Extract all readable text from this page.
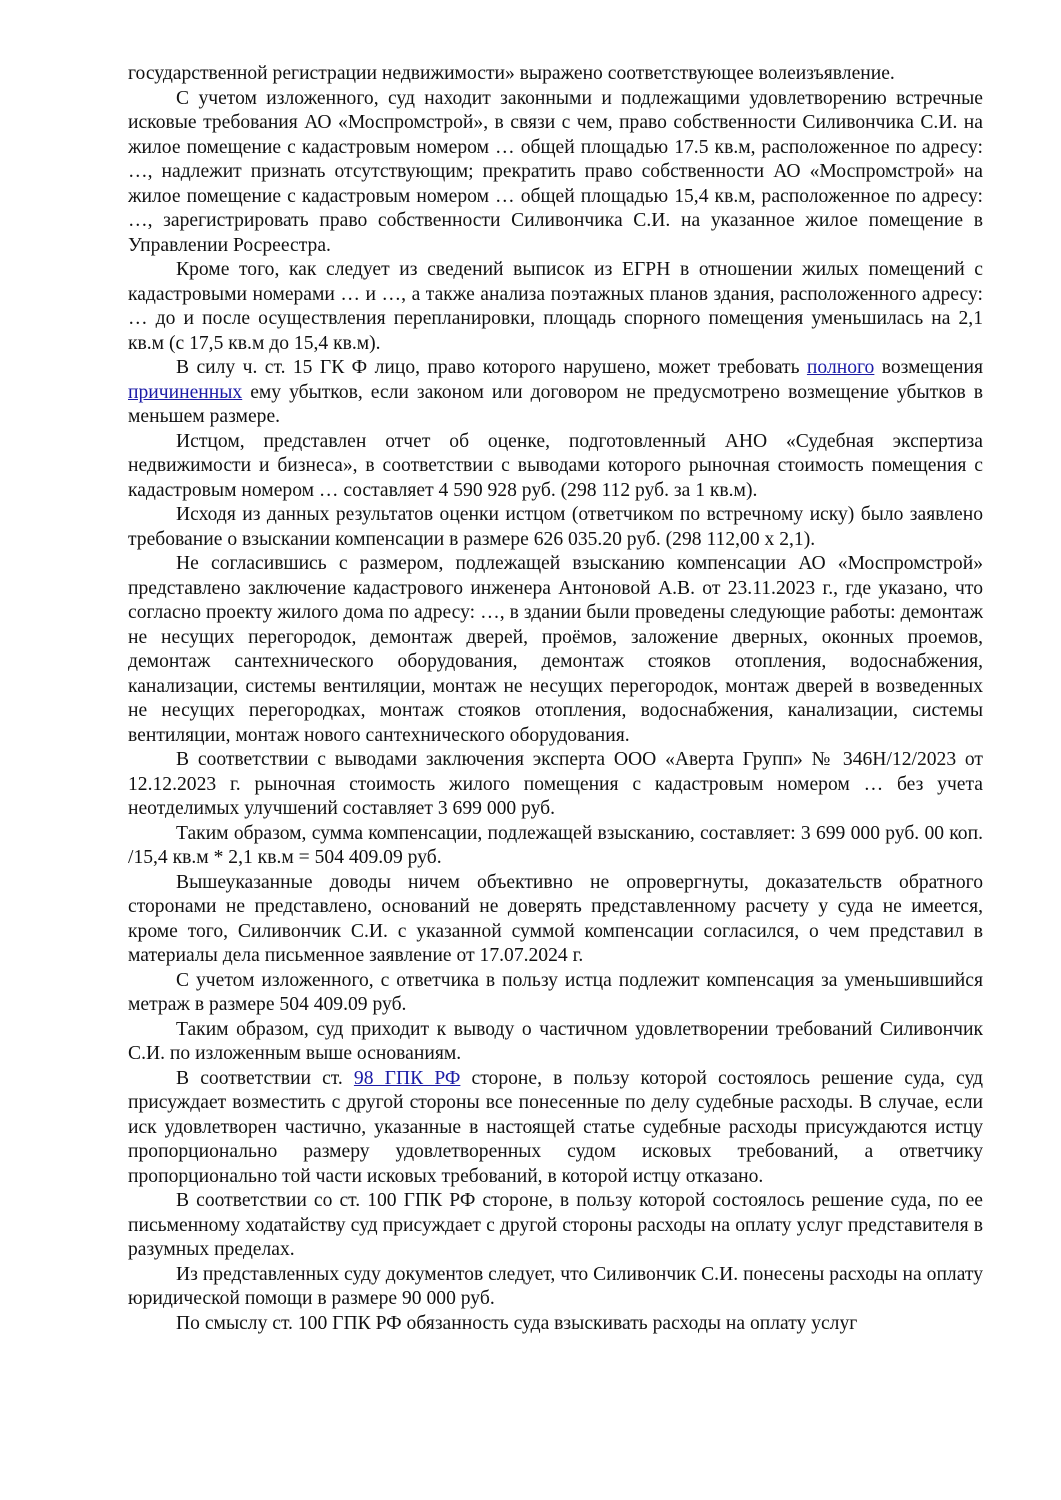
государственной регистрации недвижимости» выражено соответствующее волеизъявление.

С учетом изложенного, суд находит законными и подлежащими удовлетворению встречные исковые требования АО «Моспромстрой», в связи с чем, право собственности Силивончика С.И. на жилое помещение с кадастровым номером … общей площадью 17.5 кв.м, расположенное по адресу: …, надлежит признать отсутствующим; прекратить право собственности АО «Моспромстрой» на жилое помещение с кадастровым номером … общей площадью 15,4 кв.м, расположенное по адресу: …, зарегистрировать право собственности Силивончика С.И. на указанное жилое помещение в Управлении Росреестра.

Кроме того, как следует из сведений выписок из ЕГРН в отношении жилых помещений с кадастровыми номерами … и …, а также анализа поэтажных планов здания, расположенного адресу: … до и после осуществления перепланировки, площадь спорного помещения уменьшилась на 2,1 кв.м (с 17,5 кв.м до 15,4 кв.м).

В силу ч. ст. 15 ГК Ф лицо, право которого нарушено, может требовать полного возмещения причиненных ему убытков, если законом или договором не предусмотрено возмещение убытков в меньшем размере.

Истцом, представлен отчет об оценке, подготовленный АНО «Судебная экспертиза недвижимости и бизнеса», в соответствии с выводами которого рыночная стоимость помещения с кадастровым номером … составляет 4 590 928 руб. (298 112 руб. за 1 кв.м).

Исходя из данных результатов оценки истцом (ответчиком по встречному иску) было заявлено требование о взыскании компенсации в размере 626 035.20 руб. (298 112,00 х 2,1).

Не согласившись с размером, подлежащей взысканию компенсации АО «Моспромстрой» представлено заключение кадастрового инженера Антоновой А.В. от 23.11.2023 г., где указано, что согласно проекту жилого дома по адресу: …, в здании были проведены следующие работы: демонтаж не несущих перегородок, демонтаж дверей, проёмов, заложение дверных, оконных проемов, демонтаж сантехнического оборудования, демонтаж стояков отопления, водоснабжения, канализации, системы вентиляции, монтаж не несущих перегородок, монтаж дверей в возведенных не несущих перегородках, монтаж стояков отопления, водоснабжения, канализации, системы вентиляции, монтаж нового сантехнического оборудования.

В соответствии с выводами заключения эксперта ООО «Аверта Групп» № 346Н/12/2023 от 12.12.2023 г. рыночная стоимость жилого помещения с кадастровым номером … без учета неотделимых улучшений составляет 3 699 000 руб.

Таким образом, сумма компенсации, подлежащей взысканию, составляет: 3 699 000 руб. 00 коп. /15,4 кв.м * 2,1 кв.м = 504 409.09 руб.

Вышеуказанные доводы ничем объективно не опровергнуты, доказательств обратного сторонами не представлено, оснований не доверять представленному расчету у суда не имеется, кроме того, Силивончик С.И. с указанной суммой компенсации согласился, о чем представил в материалы дела письменное заявление от 17.07.2024 г.

С учетом изложенного, с ответчика в пользу истца подлежит компенсация за уменьшившийся метраж в размере 504 409.09 руб.

Таким образом, суд приходит к выводу о частичном удовлетворении требований Силивончик С.И. по изложенным выше основаниям.

В соответствии ст. 98 ГПК РФ стороне, в пользу которой состоялось решение суда, суд присуждает возместить с другой стороны все понесенные по делу судебные расходы. В случае, если иск удовлетворен частично, указанные в настоящей статье судебные расходы присуждаются истцу пропорционально размеру удовлетворенных судом исковых требований, а ответчику пропорционально той части исковых требований, в которой истцу отказано.

В соответствии со ст. 100 ГПК РФ стороне, в пользу которой состоялось решение суда, по ее письменному ходатайству суд присуждает с другой стороны расходы на оплату услуг представителя в разумных пределах.

Из представленных суду документов следует, что Силивончик С.И. понесены расходы на оплату юридической помощи в размере 90 000 руб.

По смыслу ст. 100 ГПК РФ обязанность суда взыскивать расходы на оплату услуг
